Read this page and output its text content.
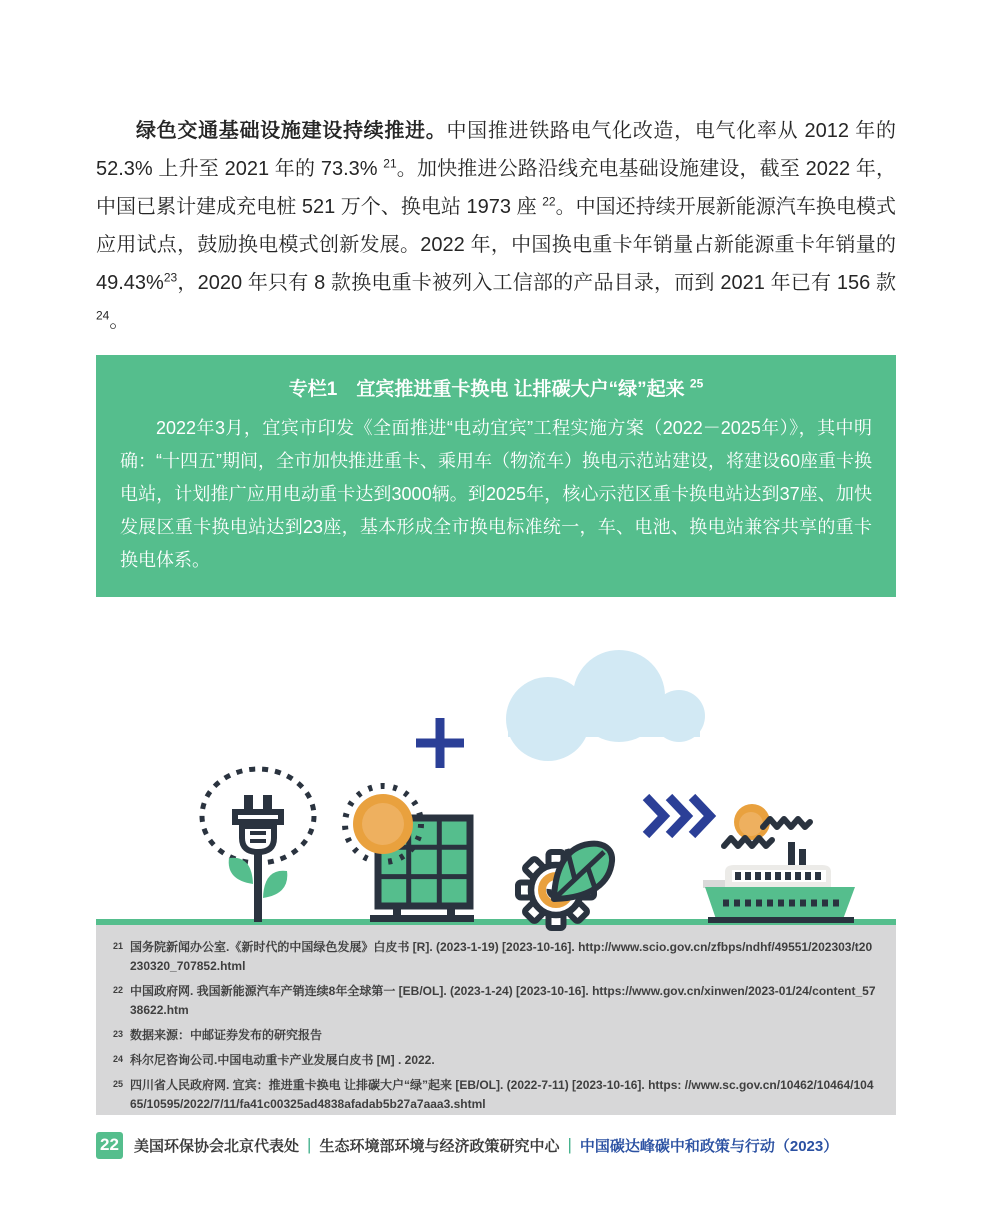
绿色交通基础设施建设持续推进。中国推进铁路电气化改造，电气化率从 2012 年的 52.3% 上升至 2021 年的 73.3% $^{21}$。加快推进公路沿线充电基础设施建设，截至 2022 年，中国已累计建成充电桩 521 万个、换电站 1973 座 $^{22}$。中国还持续开展新能源汽车换电模式应用试点，鼓励换电模式创新发展。2022 年，中国换电重卡年销量占新能源重卡年销量的 49.43%$^{23}$，2020 年只有 8 款换电重卡被列入工信部的产品目录，而到 2021 年已有 156 款 $^{24}$。

专栏1　宜宾推进重卡换电 让排碳大户“绿”起来 $^{25}$

2022年3月，宜宾市印发《全面推进“电动宜宾”工程实施方案（2022－2025年）》，其中明确：“十四五”期间，全市加快推进重卡、乘用车（物流车）换电示范站建设，将建设60座重卡换电站，计划推广应用电动重卡达到3000辆。到2025年，核心示范区重卡换电站达到37座、加快发展区重卡换电站达到23座，基本形成全市换电标准统一，车、电池、换电站兼容共享的重卡换电体系。

21 国务院新闻办公室.《新时代的中国绿色发展》白皮书 [R]. (2023-1-19) [2023-10-16]. http://www.scio.gov.cn/zfbps/ndhf/49551/202303/t20230320_707852.html
22 中国政府网. 我国新能源汽车产销连续8年全球第一 [EB/OL]. (2023-1-24) [2023-10-16]. https://www.gov.cn/xinwen/2023-01/24/content_5738622.htm
23 数据来源：中邮证券发布的研究报告
24 科尔尼咨询公司.中国电动重卡产业发展白皮书 [M] . 2022.
25 四川省人民政府网. 宜宾：推进重卡换电 让排碳大户“绿”起来 [EB/OL]. (2022-7-11) [2023-10-16]. https: //www.sc.gov.cn/10462/10464/10465/10595/2022/7/11/fa41c00325ad4838afadab5b27a7aaa3.shtml
22 美国环保协会北京代表处 | 生态环境部环境与经济政策研究中心 | 中国碳达峰碳中和政策与行动（2023）
